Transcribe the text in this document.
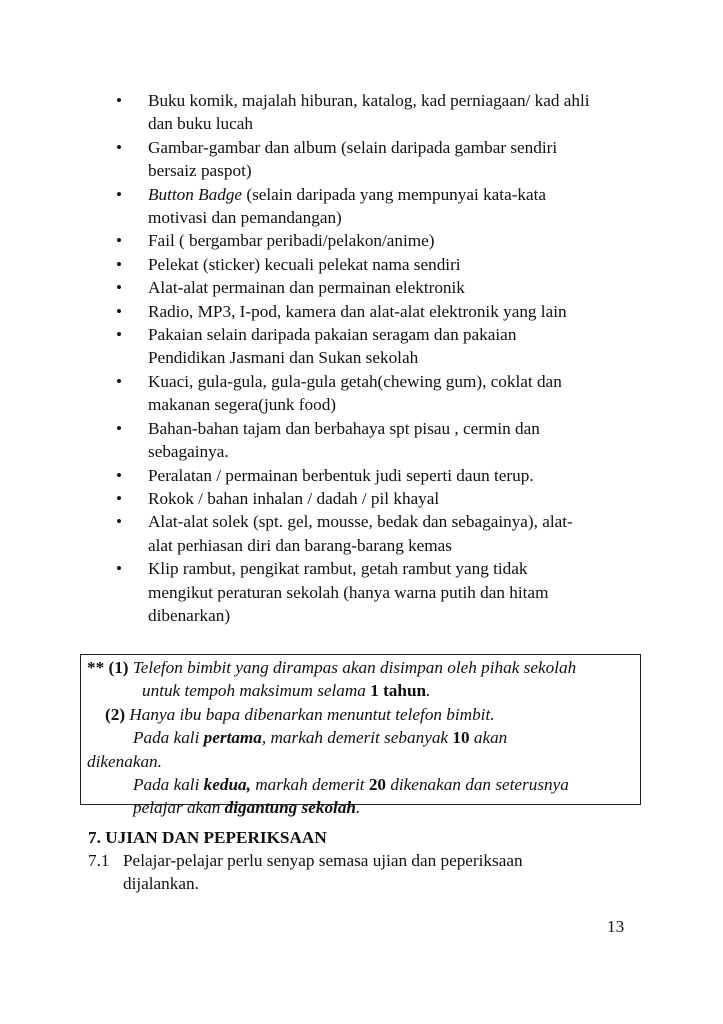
•	Buku komik, majalah hiburan, katalog, kad perniagaan/ kad ahli
dan buku lucah
•	Gambar-gambar dan album (selain daripada gambar sendiri
bersaiz paspot)
•	Button Badge (selain daripada yang mempunyai kata-kata
motivasi dan pemandangan)
•	Fail ( bergambar peribadi/pelakon/anime)
•	Pelekat (sticker) kecuali pelekat nama sendiri
•	Alat-alat permainan dan permainan elektronik
•	Radio, MP3, I-pod, kamera dan alat-alat elektronik yang lain
•	Pakaian selain daripada pakaian seragam dan pakaian
Pendidikan Jasmani dan Sukan sekolah
•	Kuaci, gula-gula, gula-gula getah(chewing gum), coklat dan
makanan segera(junk food)
•	Bahan-bahan tajam dan berbahaya spt pisau , cermin dan
sebagainya.
•	Peralatan / permainan berbentuk judi seperti daun terup.
•	Rokok / bahan inhalan / dadah / pil khayal
•	Alat-alat solek (spt. gel, mousse, bedak dan sebagainya), alat-
alat perhiasan diri dan barang-barang kemas
•	Klip rambut, pengikat rambut, getah rambut yang tidak
mengikut peraturan sekolah (hanya warna putih dan hitam
dibenarkan)
** (1) Telefon bimbit yang dirampas akan disimpan oleh pihak sekolah
untuk tempoh maksimum selama 1 tahun.
(2) Hanya ibu bapa dibenarkan menuntut telefon bimbit.
Pada kali pertama, markah demerit sebanyak 10 akan
dikenakan.
Pada kali kedua, markah demerit 20 dikenakan dan seterusnya
pelajar akan digantung sekolah.
7. UJIAN DAN PEPERIKSAAN
7.1 Pelajar-pelajar perlu senyap semasa ujian dan peperiksaan
dijalankan.
13
